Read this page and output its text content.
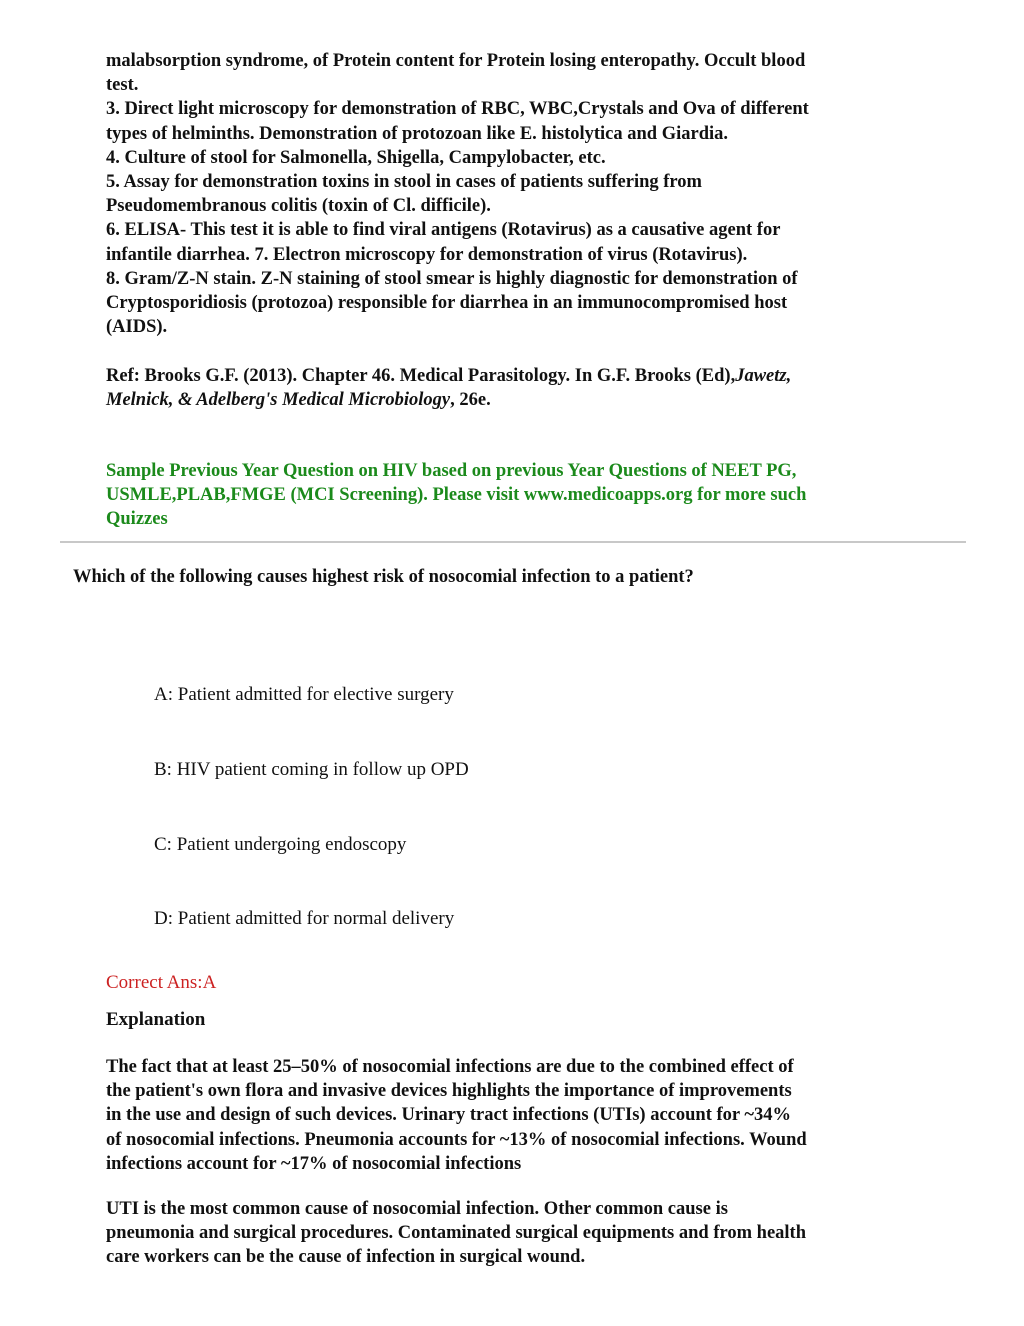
malabsorption syndrome, of Protein content for Protein losing enteropathy. Occult blood
test.
3. Direct light microscopy for demonstration of RBC, WBC,Crystals and Ova of different
types of helminths. Demonstration of protozoan like E. histolytica and Giardia.
4. Culture of stool for Salmonella, Shigella, Campylobacter, etc.
5. Assay for demonstration toxins in stool in cases of patients suffering from
Pseudomembranous colitis (toxin of Cl. difficile).
6. ELISA- This test it is able to find viral antigens (Rotavirus) as a causative agent for
infantile diarrhea. 7. Electron microscopy for demonstration of virus (Rotavirus).
8. Gram/Z-N stain. Z-N staining of stool smear is highly diagnostic for demonstration of
Cryptosporidiosis (protozoa) responsible for diarrhea in an immunocompromised host
(AIDS).
Ref: Brooks G.F. (2013). Chapter 46. Medical Parasitology. In G.F. Brooks (Ed),Jawetz,
Melnick, & Adelberg's Medical Microbiology, 26e.
Sample Previous Year Question on HIV based on previous Year Questions of NEET PG,
USMLE,PLAB,FMGE (MCI Screening). Please visit www.medicoapps.org for more such
Quizzes
Which of the following causes highest risk of nosocomial infection to a patient?
A: Patient admitted for elective surgery
B: HIV patient coming in follow up OPD
C: Patient undergoing endoscopy
D: Patient admitted for normal delivery
Correct Ans:A
Explanation
The fact that at least 25–50% of nosocomial infections are due to the combined effect of
the patient's own flora and invasive devices highlights the importance of improvements
in the use and design of such devices. Urinary tract infections (UTIs) account for ~34%
of nosocomial infections. Pneumonia accounts for ~13% of nosocomial infections. Wound
infections account for ~17% of nosocomial infections
UTI is the most common cause of nosocomial infection. Other common cause is
pneumonia and surgical procedures. Contaminated surgical equipments and from health
care workers can be the cause of infection in surgical wound.
